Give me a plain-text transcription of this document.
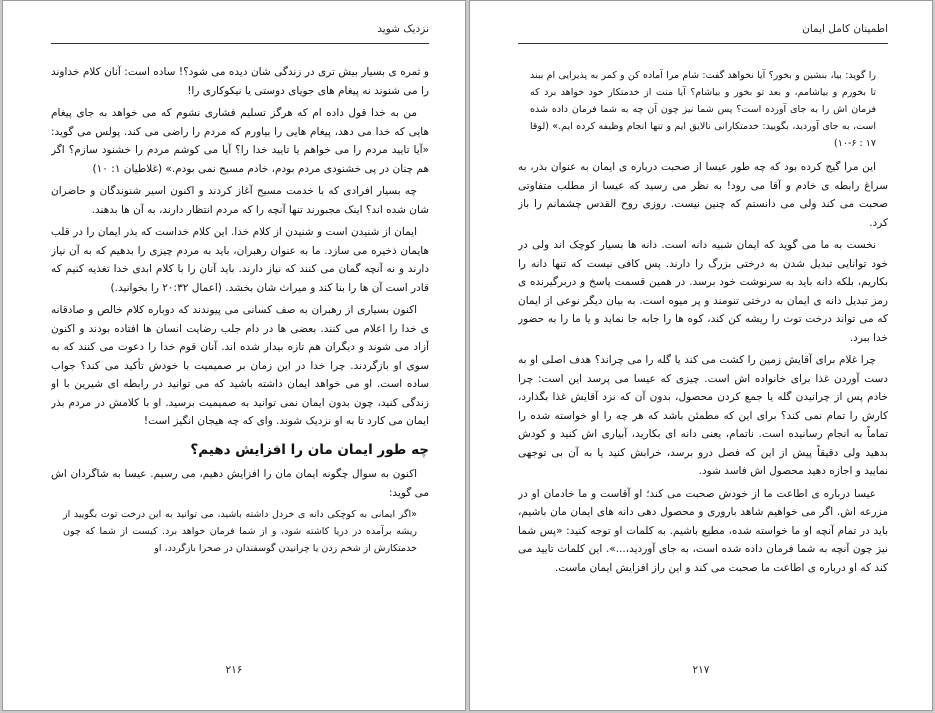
نزدیک شوید

و ثمره ی بسیار بیش تری در زندگی شان دیده می شود؟! ساده است: آنان کلام خداوند را می شنوند نه پیغام های جویای دوستی یا نیکوکاری را!

من به خدا قول داده ام که هرگز تسلیم فشاری نشوم که می خواهد به جای پیغام هایی که خدا می دهد، پیغام هایی را بیاورم که مردم را راضی می کند. پولس می گوید: «آیا تایید مردم را می خواهم یا تایید خدا را؟ آیا می کوشم مردم را خشنود سازم؟ اگر هم چنان در پی خشنودی مردم بودم، خادم مسیح نمی بودم.» (غلاطیان ۱: ۱۰)

چه بسیار افرادی که با خدمت مسیح آغاز کردند و اکنون اسیر شنوندگان و حاضران شان شده اند؟ اینک مجبورند تنها آنچه را که مردم انتظار دارند، به آن ها بدهند.

ایمان از شنیدن است و شنیدن از کلام خدا. این کلام خداست که بذر ایمان را در قلب هایمان ذخیره می سازد. ما به عنوان رهبران، باید به مردم چیزی را بدهیم که به آن نیاز دارند و نه آنچه گمان می کنند که نیاز دارند. باید آنان را با کلام ابدی خدا تغذیه کنیم که قادر است آن ها را بنا کند و میراث شان بخشد. (اعمال ۲۰:۳۲ را بخوانید.)

اکنون بسیاری از رهبران به صف کسانی می پیوندند که دوباره کلام خالص و صادقانه ی خدا را اعلام می کنند. بعضی ها در دام جلب رضایت انسان ها افتاده بودند و اکنون آزاد می شوند و دیگران هم تازه بیدار شده اند. آنان قوم خدا را دعوت می کنند که به سوی او بازگردند. چرا خدا در این زمان بر صمیمیت با خودش تأکید می کند؟ جواب ساده است. او می خواهد ایمان داشته باشید که می توانید در رابطه ای شیرین با او زندگی کنید، چون بدون ایمان نمی توانید به صمیمیت برسید. او با کلامش در مردم بذر ایمان می کارد تا به او نزدیک شوند. وای که چه هیجان انگیز است!

چه طور ایمان مان را افزایش دهیم؟

اکنون به سوال چگونه ایمان مان را افزایش دهیم، می رسیم. عیسا به شاگردان اش می گوید:

«اگر ایمانی به کوچکی دانه ی خردل داشته باشید، می توانید به این درخت توت بگویید از ریشه برآمده در دریا کاشته شود، و از شما فرمان خواهد برد. کیست از شما که چون خدمتکارش از شخم زدن یا چرانیدن گوسفندان در صحرا بازگردد، او
۲۱۶
اطمینان کامل ایمان
را گوید: بیا، بنشین و بخور؟ آیا نخواهد گفت: شام مرا آماده کن و کمر به پذیرایی ام ببند تا بخورم و بیاشامم، و بعد تو بخور و بیاشام؟ آیا منت از خدمتکار خود خواهد برد که فرمان اش را به جای آورده است؟ پس شما نیز چون آن چه به شما فرمان داده شده است، به جای آوردید، بگویید: خدمتکارانی نالایق ایم و تنها انجام وظیفه کرده ایم.» (لوقا ۱۷ : ۶-۱۰)

این مرا گیج کرده بود که چه طور عیسا از صحبت درباره ی ایمان به عنوان بذر، به سراغ رابطه ی خادم و آقا می رود! به نظر می رسید که عیسا از مطلب متفاوتی صحبت می کند ولی می دانستم که چنین نیست. روزی روح القدس چشمانم را باز کرد.

نخست به ما می گوید که ایمان شبیه دانه است. دانه ها بسیار کوچک اند ولی در خود توانایی تبدیل شدن به درختی بزرگ را دارند. پس کافی نیست که تنها دانه را بکاریم، بلکه دانه باید به سرنوشت خود برسد. در همین قسمت پاسخ و دربرگیرنده ی رمز تبدیل دانه ی ایمان به درختی تنومند و پر میوه است. به بیان دیگر نوعی از ایمان که می تواند درخت توت را ریشه کن کند، کوه ها را جابه جا نماید و یا ما را به حضور خدا ببرد.

چرا غلام برای آقایش زمین را کشت می کند یا گله را می چراند؟ هدف اصلی او به دست آوردن غذا برای خانواده اش است. چیزی که عیسا می پرسد این است: چرا خادم پس از چرانیدن گله یا جمع کردن محصول، بدون آن که نزد آقایش غذا بگذارد، کارش را تمام نمی کند؟ برای این که مطمئن باشد که هر چه را او خواسته شده را تماماً به انجام رسانیده است. ناتمام، یعنی دانه ای بکارید، آبیاری اش کنید و کودش بدهید ولی دقیقاً پیش از این که فصل درو برسد، خرابش کنید یا به آن بی توجهی نمایید و اجازه دهید محصول اش فاسد شود.

عیسا درباره ی اطاعت ما از خودش صحبت می کند؛ او آقاست و ما خادمان او در مزرعه اش. اگر می خواهیم شاهد باروری و محصول دهی دانه های ایمان مان باشیم، باید در تمام آنچه او ما خواسته شده، مطیع باشیم. به کلمات او توجه کنید: «پس شما نیز چون آنچه به شما فرمان داده شده است، به جای آوردید،...». این کلمات تایید می کند که او درباره ی اطاعت ما صحبت می کند و این راز افزایش ایمان ماست.

۲۱۷
